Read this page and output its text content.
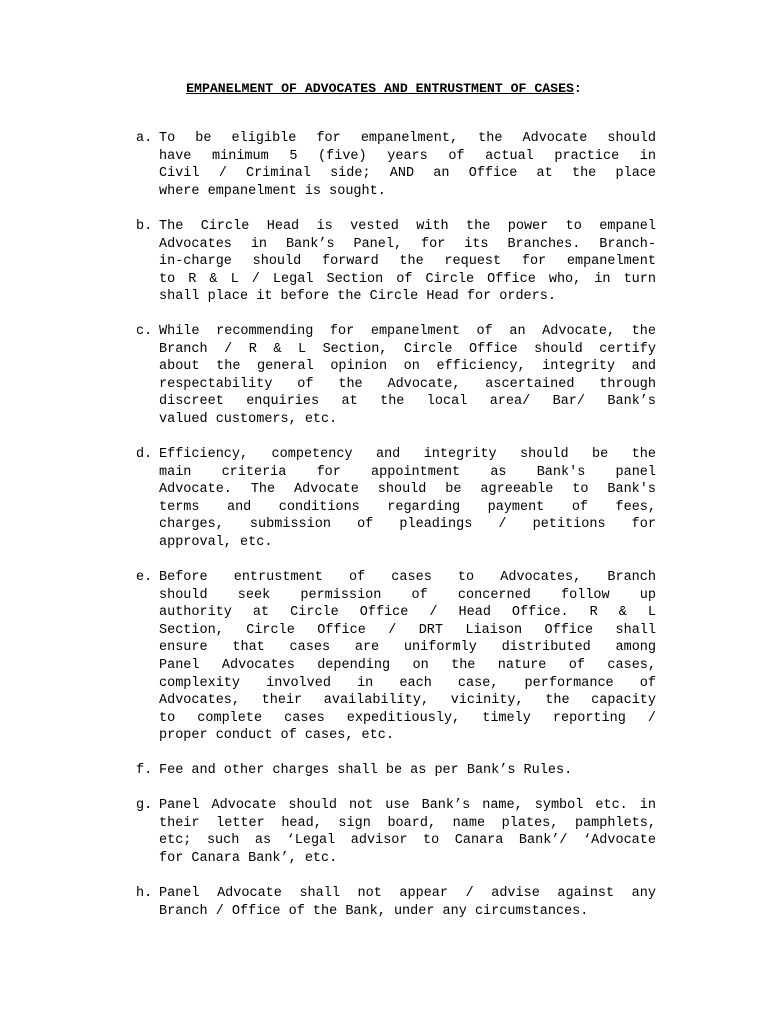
EMPANELMENT OF ADVOCATES AND ENTRUSTMENT OF CASES:
a. To be eligible for empanelment, the Advocate should
have minimum 5 (five) years of actual practice in
Civil / Criminal side; AND an Office at the place
where empanelment is sought.
b. The Circle Head is vested with the power to empanel
Advocates in Bank’s Panel, for its Branches. Branch-
in-charge should forward the request for empanelment
to R & L / Legal Section of Circle Office who, in turn
shall place it before the Circle Head for orders.
c. While recommending for empanelment of an Advocate, the
Branch / R & L Section, Circle Office should certify
about the general opinion on efficiency, integrity and
respectability of the Advocate, ascertained through
discreet enquiries at the local area/ Bar/ Bank’s
valued customers, etc.
d. Efficiency, competency and integrity should be the
main criteria for appointment as Bank's panel
Advocate. The Advocate should be agreeable to Bank's
terms and conditions regarding payment of fees,
charges, submission of pleadings / petitions for
approval, etc.
e. Before entrustment of cases to Advocates, Branch
should seek permission of concerned follow up
authority at Circle Office / Head Office. R & L
Section, Circle Office / DRT Liaison Office shall
ensure that cases are uniformly distributed among
Panel Advocates depending on the nature of cases,
complexity involved in each case, performance of
Advocates, their availability, vicinity, the capacity
to complete cases expeditiously, timely reporting /
proper conduct of cases, etc.
f. Fee and other charges shall be as per Bank’s Rules.
g. Panel Advocate should not use Bank’s name, symbol etc. in
their letter head, sign board, name plates, pamphlets,
etc; such as ‘Legal advisor to Canara Bank’/ ‘Advocate
for Canara Bank’, etc.
h. Panel Advocate shall not appear / advise against any
Branch / Office of the Bank, under any circumstances.
